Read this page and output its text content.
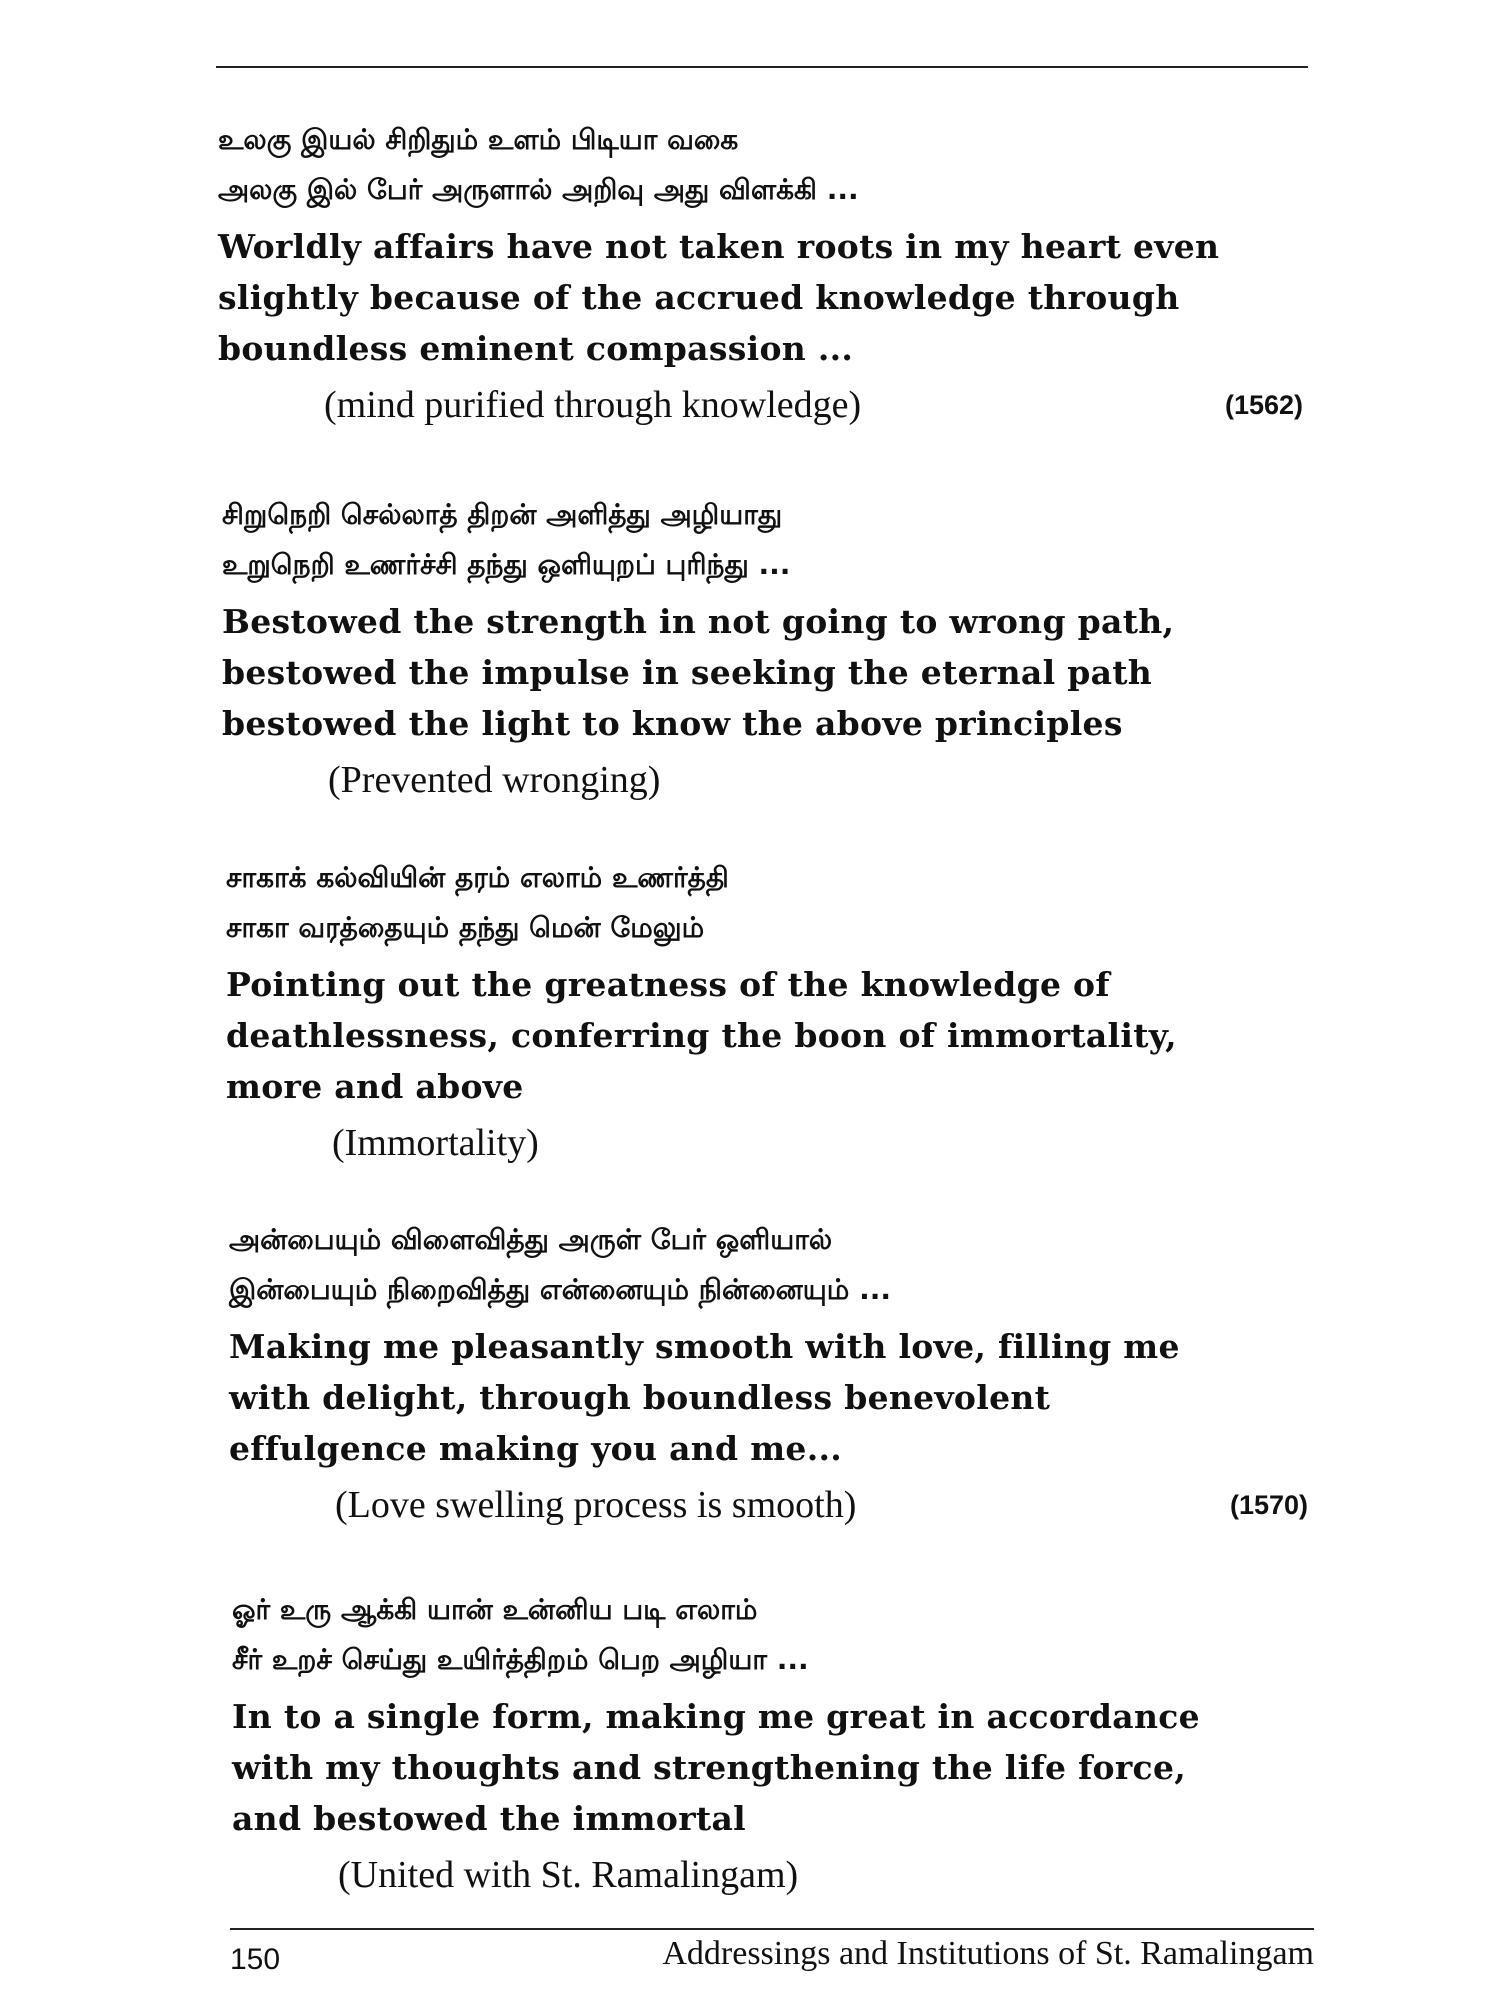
உலகு இயல் சிறிதும் உளம் பிடியா வகை

அலகு இல் பேர் அருளால் அறிவு அது விளக்கி ...

Worldly affairs have not taken roots in my heart even
slightly because of the accrued knowledge through
boundless eminent compassion ...
(mind purified through knowledge)	(1562)

சிறுநெறி செல்லாத் திறன் அளித்து அழியாது

உறுநெறி உணர்ச்சி தந்து ஒளியுறப் புரிந்து ...

Bestowed the strength in not going to wrong path,
bestowed the impulse in seeking the eternal path
bestowed the light to know the above principles
(Prevented wronging)

சாகாக் கல்வியின் தரம் எலாம் உணர்த்தி

சாகா வரத்தையும் தந்து மென் மேலும்

Pointing out the greatness of the knowledge of
deathlessness, conferring the boon of immortality,
more and above
(Immortality)

அன்பையும் விளைவித்து அருள் பேர் ஒளியால்

இன்பையும் நிறைவித்து என்னையும் நின்னையும் ...

Making me pleasantly smooth with love, filling me
with delight, through boundless benevolent
effulgence making you and me...
(Love swelling process is smooth)	(1570)

ஓர் உரு ஆக்கி யான் உன்னிய படி எலாம்

சீர் உறச் செய்து உயிர்த்திறம் பெற அழியா ...

In to a single form, making me great in accordance
with my thoughts and strengthening the life force,
and bestowed the immortal
(United with St. Ramalingam)
150	Addressings and Institutions of St. Ramalingam
